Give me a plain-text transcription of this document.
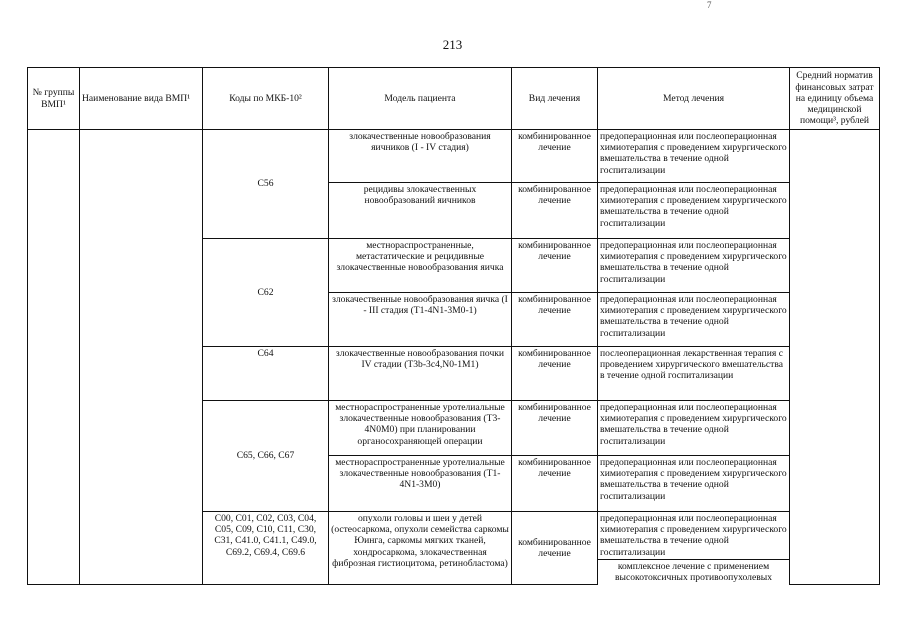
7
213
№ группы ВМП¹	Наименование вида ВМП¹	Коды по МКБ-10²	Модель пациента	Вид лечения	Метод лечения	Средний норматив финансовых затрат на единицу объема медицинской помощи³, рублей
		C56	злокачественные новообразования яичников (I - IV стадия)	комбинированное лечение	предоперационная или послеоперационная химиотерапия с проведением хирургического вмешательства в течение одной госпитализации	
			рецидивы злокачественных новообразований яичников	комбинированное лечение	предоперационная или послеоперационная химиотерапия с проведением хирургического вмешательства в течение одной госпитализации	
		C62	местнораспространенные, метастатические и рецидивные злокачественные новообразования яичка	комбинированное лечение	предоперационная или послеоперационная химиотерапия с проведением хирургического вмешательства в течение одной госпитализации	
			злокачественные новообразования яичка (I - III стадия (T1-4N1-3M0-1)	комбинированное лечение	предоперационная или послеоперационная химиотерапия с проведением хирургического вмешательства в течение одной госпитализации	
		C64	злокачественные новообразования почки IV стадии (T3b-3c4,N0-1M1)	комбинированное лечение	послеоперационная лекарственная терапия с проведением хирургического вмешательства в течение одной госпитализации	
		C65, C66, C67	местнораспространенные уротелиальные злокачественные новообразования (T3-4N0M0) при планировании органосохраняющей операции	комбинированное лечение	предоперационная или послеоперационная химиотерапия с проведением хирургического вмешательства в течение одной госпитализации	
			местнораспространенные уротелиальные злокачественные новообразования (T1-4N1-3M0)	комбинированное лечение	предоперационная или послеоперационная химиотерапия с проведением хирургического вмешательства в течение одной госпитализации	
		C00, C01, C02, C03, C04, C05, C09, C10, C11, C30, C31, C41.0, C41.1, C49.0, C69.2, C69.4, C69.6	опухоли головы и шеи у детей (остеосаркома, опухоли семейства саркомы Юинга, саркомы мягких тканей, хондросаркома, злокачественная фиброзная гистиоцитома, ретинобластома)	комбинированное лечение	предоперационная или послеоперационная химиотерапия с проведением хирургического вмешательства в течение одной госпитализации	
					комплексное лечение с применением высокотоксичных противоопухолевых	
